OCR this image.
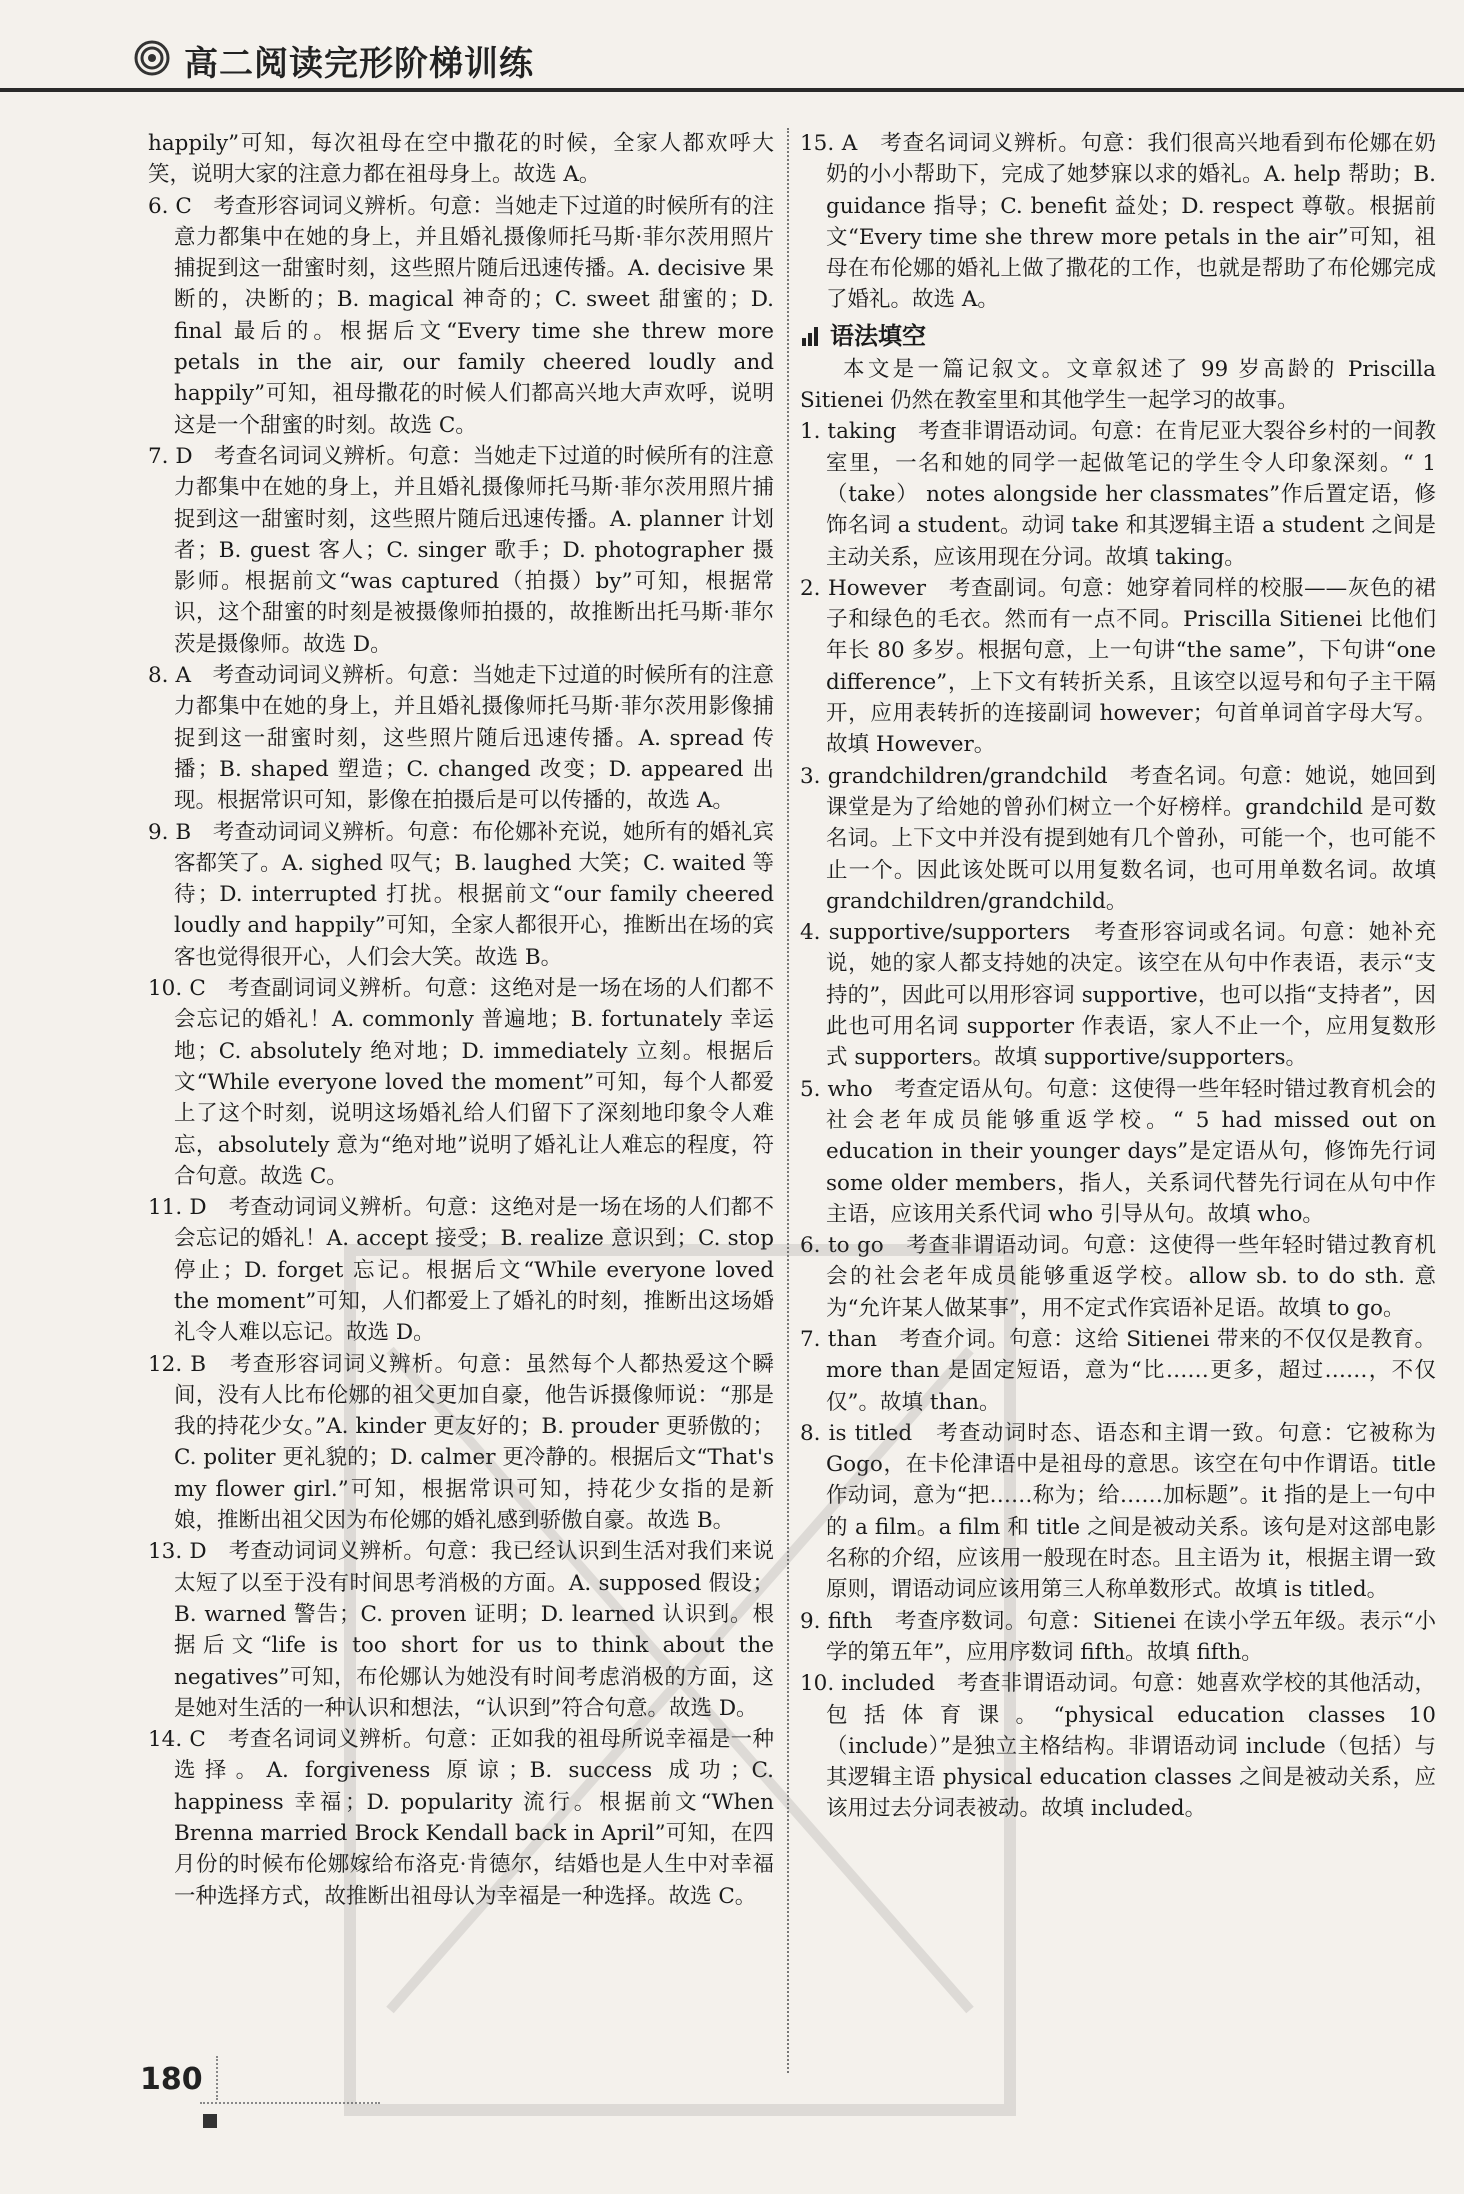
高二阅读完形阶梯训练

happily”可知，每次祖母在空中撒花的时候，全家人都欢呼大笑，说明大家的注意力都在祖母身上。故选 A。

6. C　考查形容词词义辨析。句意：当她走下过道的时候所有的注意力都集中在她的身上，并且婚礼摄像师托马斯·菲尔茨用照片捕捉到这一甜蜜时刻，这些照片随后迅速传播。A. decisive 果断的，决断的；B. magical 神奇的；C. sweet 甜蜜的；D. final 最后的。根据后文“Every time she threw more petals in the air, our family cheered loudly and happily”可知，祖母撒花的时候人们都高兴地大声欢呼，说明这是一个甜蜜的时刻。故选 C。

7. D　考查名词词义辨析。句意：当她走下过道的时候所有的注意力都集中在她的身上，并且婚礼摄像师托马斯·菲尔茨用照片捕捉到这一甜蜜时刻，这些照片随后迅速传播。A. planner 计划者；B. guest 客人；C. singer 歌手；D. photographer 摄影师。根据前文“was captured（拍摄）by”可知，根据常识，这个甜蜜的时刻是被摄像师拍摄的，故推断出托马斯·菲尔茨是摄像师。故选 D。

8. A　考查动词词义辨析。句意：当她走下过道的时候所有的注意力都集中在她的身上，并且婚礼摄像师托马斯·菲尔茨用影像捕捉到这一甜蜜时刻，这些照片随后迅速传播。A. spread 传播；B. shaped 塑造；C. changed 改变；D. appeared 出现。根据常识可知，影像在拍摄后是可以传播的，故选 A。

9. B　考查动词词义辨析。句意：布伦娜补充说，她所有的婚礼宾客都笑了。A. sighed 叹气；B. laughed 大笑；C. waited 等待；D. interrupted 打扰。根据前文“our family cheered loudly and happily”可知，全家人都很开心，推断出在场的宾客也觉得很开心，人们会大笑。故选 B。

10. C　考查副词词义辨析。句意：这绝对是一场在场的人们都不会忘记的婚礼！A. commonly 普遍地；B. fortunately 幸运地；C. absolutely 绝对地；D. immediately 立刻。根据后文“While everyone loved the moment”可知，每个人都爱上了这个时刻，说明这场婚礼给人们留下了深刻地印象令人难忘，absolutely 意为“绝对地”说明了婚礼让人难忘的程度，符合句意。故选 C。

11. D　考查动词词义辨析。句意：这绝对是一场在场的人们都不会忘记的婚礼！A. accept 接受；B. realize 意识到；C. stop 停止；D. forget 忘记。根据后文“While everyone loved the moment”可知，人们都爱上了婚礼的时刻，推断出这场婚礼令人难以忘记。故选 D。

12. B　考查形容词词义辨析。句意：虽然每个人都热爱这个瞬间，没有人比布伦娜的祖父更加自豪，他告诉摄像师说：“那是我的持花少女。”A. kinder 更友好的；B. prouder 更骄傲的；C. politer 更礼貌的；D. calmer 更冷静的。根据后文“That's my flower girl.”可知，根据常识可知，持花少女指的是新娘，推断出祖父因为布伦娜的婚礼感到骄傲自豪。故选 B。

13. D　考查动词词义辨析。句意：我已经认识到生活对我们来说太短了以至于没有时间思考消极的方面。A. supposed 假设；B. warned 警告；C. proven 证明；D. learned 认识到。根据后文“life is too short for us to think about the negatives”可知，布伦娜认为她没有时间考虑消极的方面，这是她对生活的一种认识和想法，“认识到”符合句意。故选 D。

14. C　考查名词词义辨析。句意：正如我的祖母所说幸福是一种选择。A. forgiveness 原谅；B. success 成功；C. happiness 幸福；D. popularity 流行。根据前文“When Brenna married Brock Kendall back in April”可知，在四月份的时候布伦娜嫁给布洛克·肯德尔，结婚也是人生中对幸福一种选择方式，故推断出祖母认为幸福是一种选择。故选 C。

15. A　考查名词词义辨析。句意：我们很高兴地看到布伦娜在奶奶的小小帮助下，完成了她梦寐以求的婚礼。A. help 帮助；B. guidance 指导；C. benefit 益处；D. respect 尊敬。根据前文“Every time she threw more petals in the air”可知，祖母在布伦娜的婚礼上做了撒花的工作，也就是帮助了布伦娜完成了婚礼。故选 A。

语法填空

本文是一篇记叙文。文章叙述了 99 岁高龄的 Priscilla Sitienei 仍然在教室里和其他学生一起学习的故事。

1. taking　考查非谓语动词。句意：在肯尼亚大裂谷乡村的一间教室里，一名和她的同学一起做笔记的学生令人印象深刻。“ 1 （take） notes alongside her classmates”作后置定语，修饰名词 a student。动词 take 和其逻辑主语 a student 之间是主动关系，应该用现在分词。故填 taking。

2. However　考查副词。句意：她穿着同样的校服——灰色的裙子和绿色的毛衣。然而有一点不同。Priscilla Sitienei 比他们年长 80 多岁。根据句意，上一句讲“the same”，下句讲“one difference”，上下文有转折关系，且该空以逗号和句子主干隔开，应用表转折的连接副词 however；句首单词首字母大写。故填 However。

3. grandchildren/grandchild　考查名词。句意：她说，她回到课堂是为了给她的曾孙们树立一个好榜样。grandchild 是可数名词。上下文中并没有提到她有几个曾孙，可能一个，也可能不止一个。因此该处既可以用复数名词，也可用单数名词。故填 grandchildren/grandchild。

4. supportive/supporters　考查形容词或名词。句意：她补充说，她的家人都支持她的决定。该空在从句中作表语，表示“支持的”，因此可以用形容词 supportive，也可以指“支持者”，因此也可用名词 supporter 作表语，家人不止一个，应用复数形式 supporters。故填 supportive/supporters。

5. who　考查定语从句。句意：这使得一些年轻时错过教育机会的社会老年成员能够重返学校。“ 5 had missed out on education in their younger days”是定语从句，修饰先行词 some older members，指人，关系词代替先行词在从句中作主语，应该用关系代词 who 引导从句。故填 who。

6. to go　考查非谓语动词。句意：这使得一些年轻时错过教育机会的社会老年成员能够重返学校。allow sb. to do sth. 意为“允许某人做某事”，用不定式作宾语补足语。故填 to go。

7. than　考查介词。句意：这给 Sitienei 带来的不仅仅是教育。more than 是固定短语，意为“比……更多，超过……，不仅仅”。故填 than。

8. is titled　考查动词时态、语态和主谓一致。句意：它被称为 Gogo，在卡伦津语中是祖母的意思。该空在句中作谓语。title 作动词，意为“把……称为；给……加标题”。it 指的是上一句中的 a film。a film 和 title 之间是被动关系。该句是对这部电影名称的介绍，应该用一般现在时态。且主语为 it，根据主谓一致原则，谓语动词应该用第三人称单数形式。故填 is titled。

9. fifth　考查序数词。句意：Sitienei 在读小学五年级。表示“小学的第五年”，应用序数词 fifth。故填 fifth。

10. included　考查非谓语动词。句意：她喜欢学校的其他活动，包括体育课。“physical education classes 10 （include）”是独立主格结构。非谓语动词 include（包括）与其逻辑主语 physical education classes 之间是被动关系，应该用过去分词表被动。故填 included。

180
